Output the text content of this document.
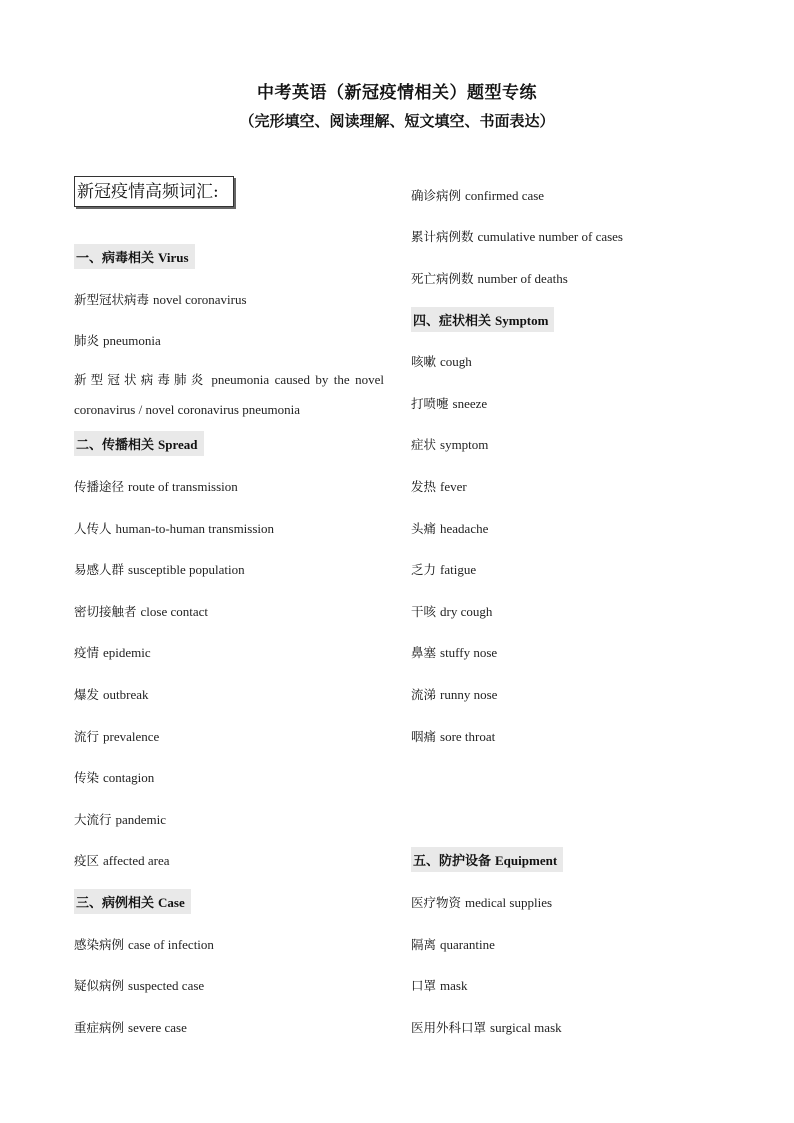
中考英语（新冠疫情相关）题型专练
（完形填空、阅读理解、短文填空、书面表达）
新冠疫情高频词汇:
一、病毒相关 Virus
新型冠状病毒 novel coronavirus
肺炎 pneumonia
新型冠状病毒肺炎 pneumonia caused by the novel coronavirus / novel coronavirus pneumonia
二、传播相关 Spread
传播途径 route of transmission
人传人 human-to-human transmission
易感人群 susceptible population
密切接触者 close contact
疫情 epidemic
爆发 outbreak
流行 prevalence
传染 contagion
大流行 pandemic
疫区 affected area
三、病例相关 Case
感染病例 case of infection
疑似病例 suspected case
重症病例 severe case
确诊病例 confirmed case
累计病例数 cumulative number of cases
死亡病例数 number of deaths
四、症状相关 Symptom
咳嗽 cough
打喷嚏 sneeze
症状 symptom
发热 fever
头痛 headache
乏力 fatigue
干咳 dry cough
鼻塞 stuffy nose
流涕 runny nose
咽痛 sore throat
五、防护设备 Equipment
医疗物资 medical supplies
隔离 quarantine
口罩 mask
医用外科口罩 surgical mask
